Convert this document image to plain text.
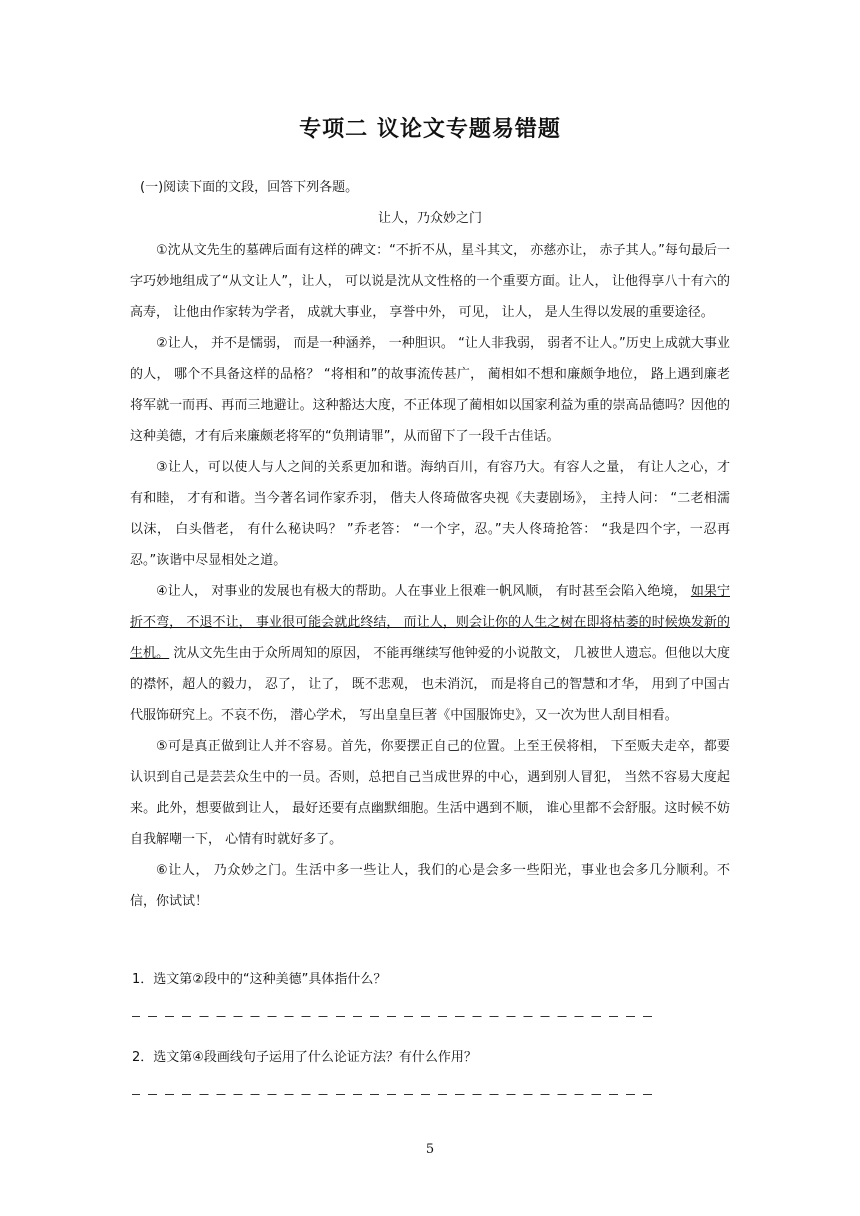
专项二 议论文专题易错题
(一)阅读下面的文段，回答下列各题。
让人，乃众妙之门

①沈从文先生的墓碑后面有这样的碑文：“不折不从，星斗其文， 亦慈亦让， 赤子其人。”每句最后一字巧妙地组成了“从文让人”，让人， 可以说是沈从文性格的一个重要方面。让人， 让他得享八十有六的高寿， 让他由作家转为学者， 成就大事业， 享誉中外， 可见， 让人， 是人生得以发展的重要途径。

②让人， 并不是懦弱， 而是一种涵养， 一种胆识。 “让人非我弱， 弱者不让人。”历史上成就大事业的人， 哪个不具备这样的品格？ “将相和”的故事流传甚广， 蔺相如不想和廉颇争地位， 路上遇到廉老将军就一而再、再而三地避让。这种豁达大度，不正体现了蔺相如以国家利益为重的崇高品德吗？因他的这种美德，才有后来廉颇老将军的“负荆请罪”，从而留下了一段千古佳话。

③让人，可以使人与人之间的关系更加和谐。海纳百川，有容乃大。有容人之量， 有让人之心，才有和睦， 才有和谐。当今著名词作家乔羽， 偕夫人佟琦做客央视《夫妻剧场》， 主持人问： “二老相濡以沫， 白头偕老， 有什么秘诀吗？ ”乔老答： “一个字，忍。”夫人佟琦抢答： “我是四个字，一忍再忍。”诙谐中尽显相处之道。

④让人， 对事业的发展也有极大的帮助。人在事业上很难一帆风顺， 有时甚至会陷入绝境， 如果宁折不弯， 不退不让， 事业很可能会就此终结， 而让人，则会让你的人生之树在即将枯萎的时候焕发新的生机。 沈从文先生由于众所周知的原因， 不能再继续写他钟爱的小说散文， 几被世人遗忘。但他以大度的襟怀，超人的毅力， 忍了， 让了， 既不悲观， 也未消沉， 而是将自己的智慧和才华， 用到了中国古代服饰研究上。不哀不伤， 潜心学术， 写出皇皇巨著《中国服饰史》，又一次为世人刮目相看。

⑤可是真正做到让人并不容易。首先，你要摆正自己的位置。上至王侯将相， 下至贩夫走卒，都要认识到自己是芸芸众生中的一员。否则，总把自己当成世界的中心，遇到别人冒犯， 当然不容易大度起来。此外，想要做到让人， 最好还要有点幽默细胞。生活中遇到不顺， 谁心里都不会舒服。这时候不妨自我解嘲一下， 心情有时就好多了。

⑥让人， 乃众妙之门。生活中多一些让人，我们的心是会多一些阳光，事业也会多几分顺利。不信，你试试！

1．选文第②段中的“这种美德”具体指什么？
2．选文第④段画线句子运用了什么论证方法？有什么作用？
5
